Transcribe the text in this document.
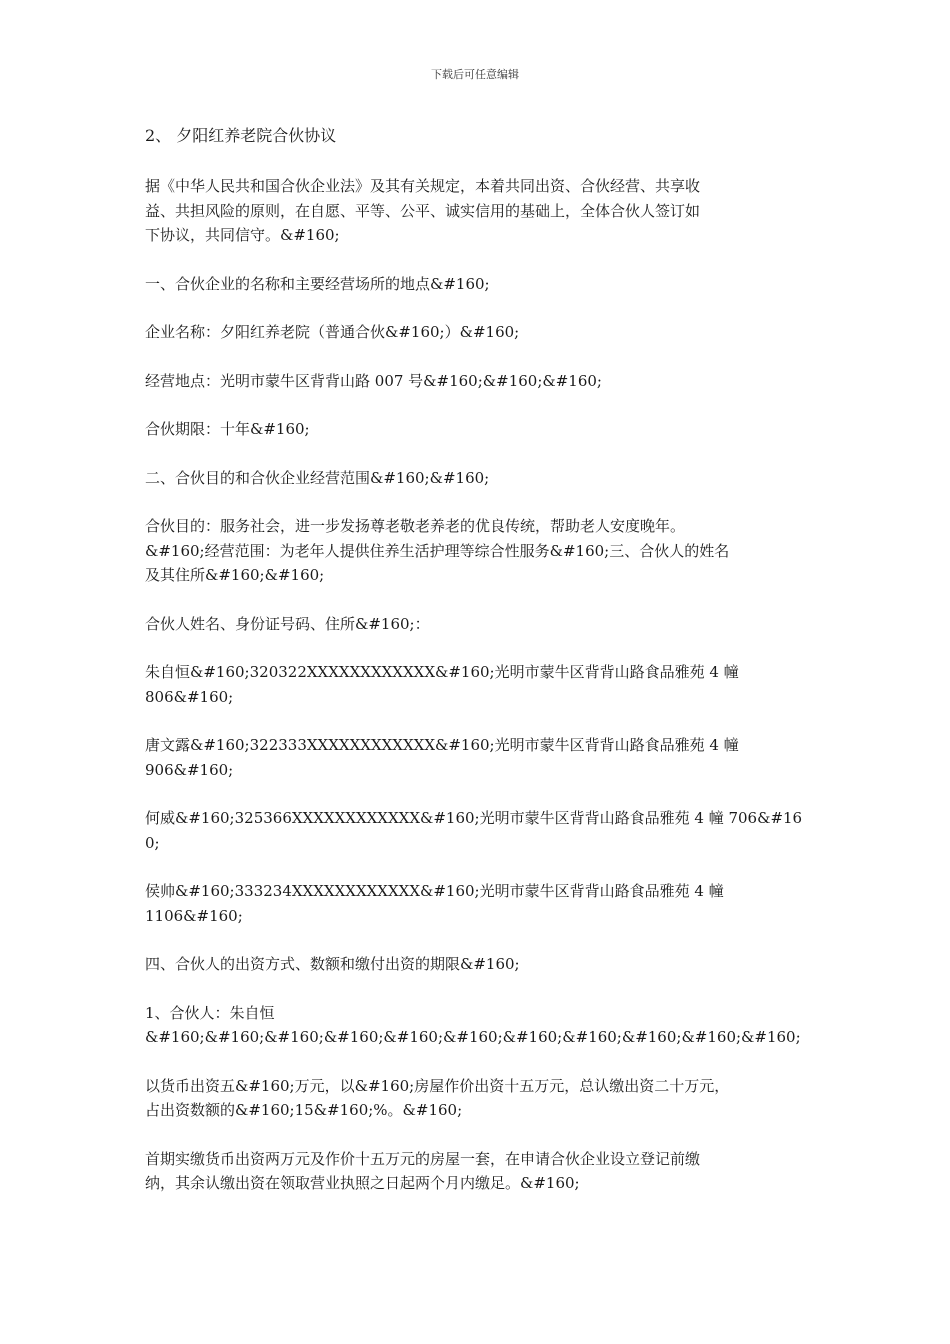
下载后可任意编辑
2、 夕阳红养老院合伙协议
据《中华人民共和国合伙企业法》及其有关规定，本着共同出资、合伙经营、共享收
益、共担风险的原则，在自愿、平等、公平、诚实信用的基础上，全体合伙人签订如
下协议，共同信守。&#160;
一、合伙企业的名称和主要经营场所的地点&#160;
企业名称：夕阳红养老院（普通合伙&#160;）&#160;
经营地点：光明市蒙牛区背背山路 007 号&#160;&#160;&#160;
合伙期限：十年&#160;
二、合伙目的和合伙企业经营范围&#160;&#160;
合伙目的：服务社会，进一步发扬尊老敬老养老的优良传统，帮助老人安度晚年。
&#160;经营范围：为老年人提供住养生活护理等综合性服务&#160;三、合伙人的姓名
及其住所&#160;&#160;
合伙人姓名、身份证号码、住所&#160;：
朱自恒&#160;320322XXXXXXXXXXXX&#160;光明市蒙牛区背背山路食品雅苑 4 幢
806&#160;
唐文露&#160;322333XXXXXXXXXXXX&#160;光明市蒙牛区背背山路食品雅苑 4 幢
906&#160;
何威&#160;325366XXXXXXXXXXXX&#160;光明市蒙牛区背背山路食品雅苑 4 幢 706&#160;
侯帅&#160;333234XXXXXXXXXXXX&#160;光明市蒙牛区背背山路食品雅苑 4 幢
1106&#160;
四、合伙人的出资方式、数额和缴付出资的期限&#160;
1、合伙人：朱自恒
&#160;&#160;&#160;&#160;&#160;&#160;&#160;&#160;&#160;&#160;&#160;
以货币出资五&#160;万元，以&#160;房屋作价出资十五万元，总认缴出资二十万元，
占出资数额的&#160;15&#160;%。&#160;
首期实缴货币出资两万元及作价十五万元的房屋一套，在申请合伙企业设立登记前缴
纳，其余认缴出资在领取营业执照之日起两个月内缴足。&#160;
